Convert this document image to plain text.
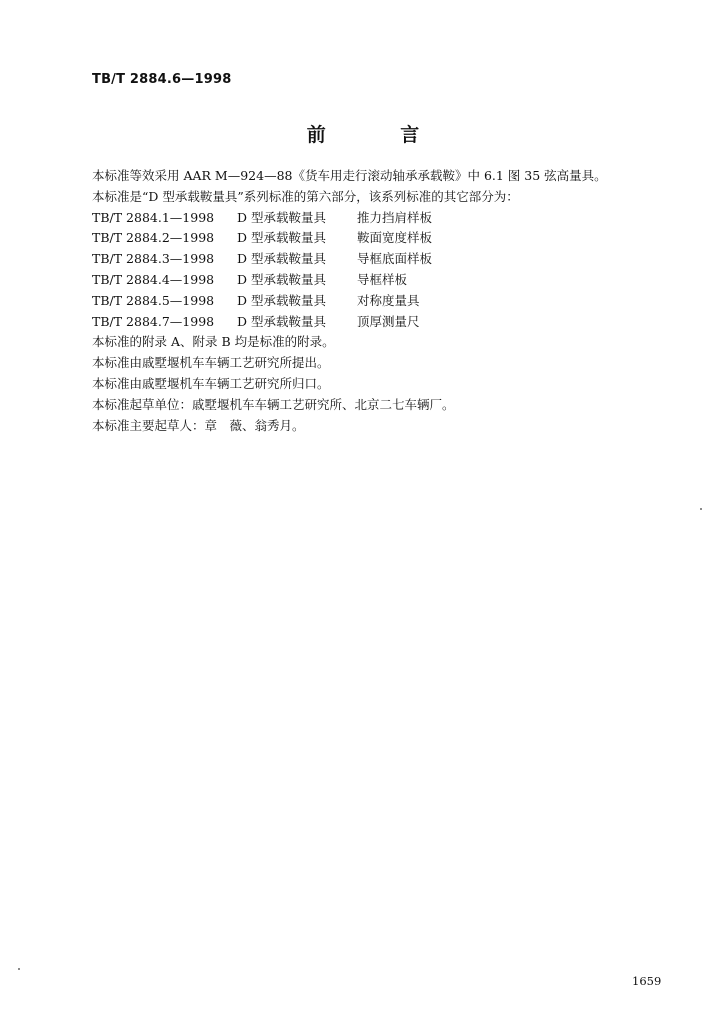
TB/T 2884.6—1998
前 言
本标准等效采用 AAR M—924—88《货车用走行滚动轴承承载鞍》中 6.1 图 35 弦高量具。
本标准是“D 型承载鞍量具”系列标准的第六部分，该系列标准的其它部分为：
TB/T 2884.1—1998	D 型承载鞍量具	推力挡肩样板
TB/T 2884.2—1998	D 型承载鞍量具	鞍面宽度样板
TB/T 2884.3—1998	D 型承载鞍量具	导框底面样板
TB/T 2884.4—1998	D 型承载鞍量具	导框样板
TB/T 2884.5—1998	D 型承载鞍量具	对称度量具
TB/T 2884.7—1998	D 型承载鞍量具	顶厚测量尺
本标准的附录 A、附录 B 均是标准的附录。
本标准由戚墅堰机车车辆工艺研究所提出。
本标准由戚墅堰机车车辆工艺研究所归口。
本标准起草单位：戚墅堰机车车辆工艺研究所、北京二七车辆厂。
本标准主要起草人：章　薇、翁秀月。
1659
